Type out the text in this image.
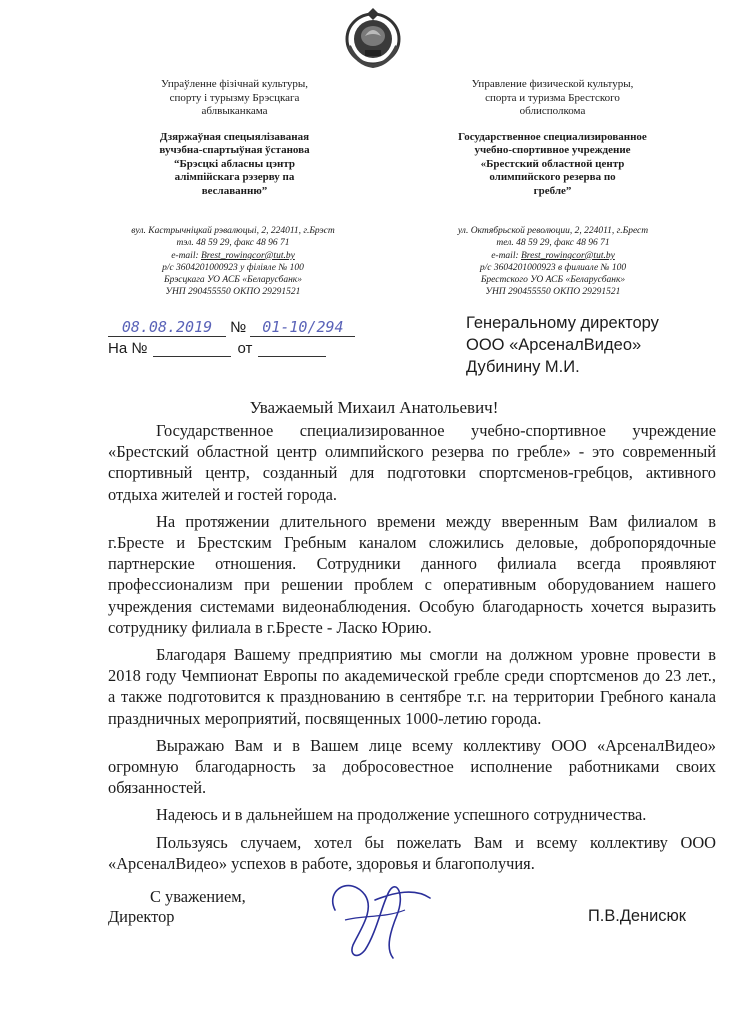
Упраўленне фізічнай культуры,
спорту і турызму Брэсцкага
аблвыканкама
Дзяржаўная спецыялізаваная
вучэбна-спартыўная ўстанова
“Брэсцкі абласны цэнтр
алімпійскага рэзерву па
веславанню”
Управление физической культуры,
спорта и туризма Брестского
облисполкома
Государственное специализированное
учебно-спортивное учреждение
«Брестский областной центр
олимпийского резерва по
гребле”
вул. Кастрычніцкай рэвалюцыі, 2, 224011, г.Брэст
тэл. 48 59 29, факс 48 96 71
e-mail: Brest_rowingcor@tut.by
р/с 3604201000923 у філіяле № 100
Брэсцкага УО АСБ «Беларусбанк»
УНП 290455550 ОКПО 29291521
ул. Октябрьской революции, 2, 224011, г.Брест
тел. 48 59 29, факс 48 96 71
e-mail: Brest_rowingcor@tut.by
р/с 3604201000923 в филиале № 100
Брестского УО АСБ «Беларусбанк»
УНП 290455550 ОКПО 29291521
08.08.2019 № 01-10/294
На №	от
Генеральному директору
ООО «АрсеналВидео»
Дубинину М.И.
Уважаемый Михаил Анатольевич!

Государственное специализированное учебно-спортивное учреждение «Брестский областной центр олимпийского резерва по гребле» - это современный спортивный центр, созданный для подготовки спортсменов-гребцов, активного отдыха жителей и гостей города.

На протяжении длительного времени между вверенным Вам филиалом в г.Бресте и Брестским Гребным каналом сложились деловые, добропорядочные партнерские отношения. Сотрудники данного филиала всегда проявляют профессионализм при решении проблем с оперативным оборудованием нашего учреждения системами видеонаблюдения. Особую благодарность хочется выразить сотруднику филиала в г.Бресте - Ласко Юрию.

Благодаря Вашему предприятию мы смогли на должном уровне провести в 2018 году Чемпионат Европы по академической гребле среди спортсменов до 23 лет., а также подготовится к празднованию в сентябре т.г. на территории Гребного канала праздничных мероприятий, посвященных 1000-летию города.

Выражаю Вам и в Вашем лице всему коллективу ООО «АрсеналВидео» огромную благодарность за добросовестное исполнение работниками своих обязанностей.

Надеюсь и в дальнейшем на продолжение успешного сотрудничества.

Пользуясь случаем, хотел бы пожелать Вам и всему коллективу ООО «АрсеналВидео» успехов в работе, здоровья и благополучия.

С уважением,
Директор	П.В.Денисюк
